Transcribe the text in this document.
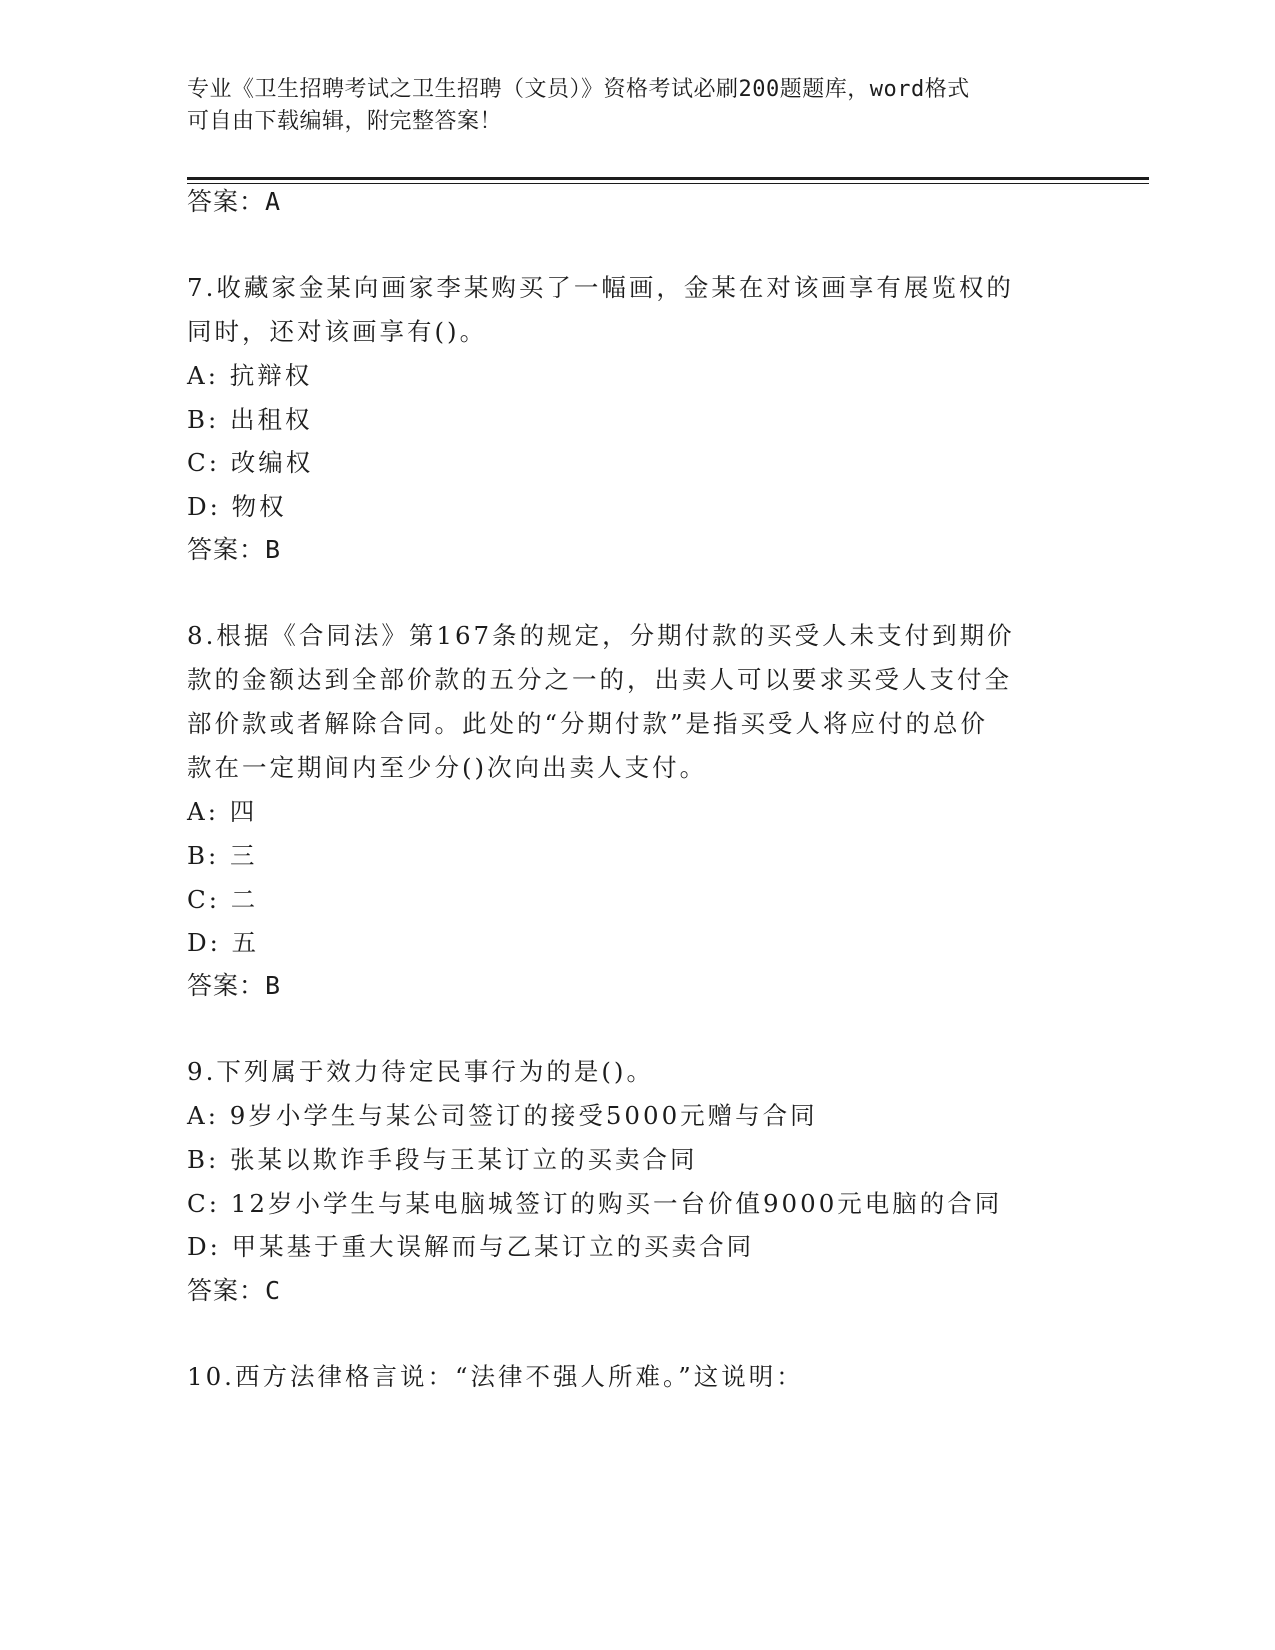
专业《卫生招聘考试之卫生招聘（文员）》资格考试必刷200题题库，word格式
可自由下载编辑，附完整答案！
答案：A
7.收藏家金某向画家李某购买了一幅画，金某在对该画享有展览权的
同时，还对该画享有()。
A: 抗辩权
B: 出租权
C: 改编权
D: 物权
答案：B
8.根据《合同法》第167条的规定，分期付款的买受人未支付到期价
款的金额达到全部价款的五分之一的，出卖人可以要求买受人支付全
部价款或者解除合同。此处的“分期付款”是指买受人将应付的总价
款在一定期间内至少分()次向出卖人支付。
A: 四
B: 三
C: 二
D: 五
答案：B
9.下列属于效力待定民事行为的是()。
A: 9岁小学生与某公司签订的接受5000元赠与合同
B: 张某以欺诈手段与王某订立的买卖合同
C: 12岁小学生与某电脑城签订的购买一台价值9000元电脑的合同
D: 甲某基于重大误解而与乙某订立的买卖合同
答案：C
10.西方法律格言说：“法律不强人所难。”这说明：
